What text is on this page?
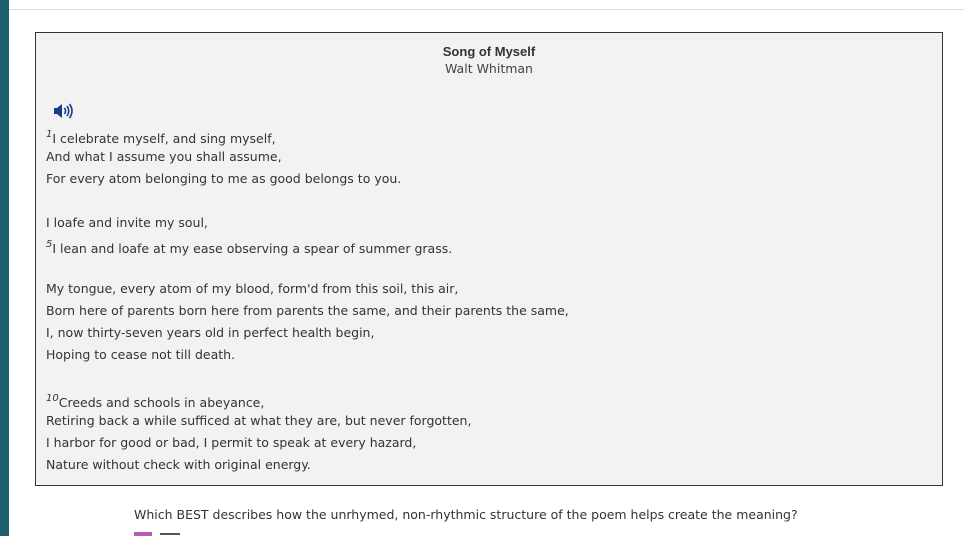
Song of Myself
Walt Whitman
$^1$I celebrate myself, and sing myself,
And what I assume you shall assume,
For every atom belonging to me as good belongs to you.
I loafe and invite my soul,
$^5$I lean and loafe at my ease observing a spear of summer grass.
My tongue, every atom of my blood, form'd from this soil, this air,
Born here of parents born here from parents the same, and their parents the same,
I, now thirty-seven years old in perfect health begin,
Hoping to cease not till death.
$^{10}$Creeds and schools in abeyance,
Retiring back a while sufficed at what they are, but never forgotten,
I harbor for good or bad, I permit to speak at every hazard,
Nature without check with original energy.
Which BEST describes how the unrhymed, non-rhythmic structure of the poem helps create the meaning?
